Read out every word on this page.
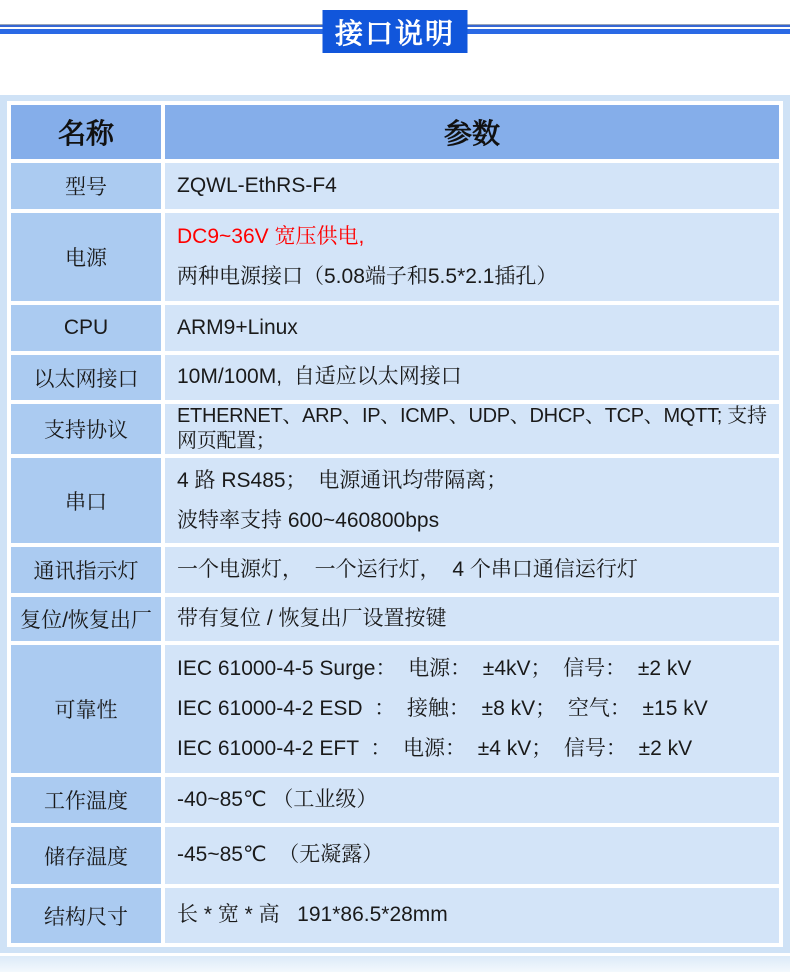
接口说明
名称	参数
型号	ZQWL-EthRS-F4

电源	DC9~36V 宽压供电,
两种电源接口（5.08端子和5.5*2.1插孔）

CPU	ARM9+Linux

以太网接口	10M/100M,  自适应以太网接口

支持协议	ETHERNET、ARP、IP、ICMP、UDP、DHCP、TCP、MQTT; 支持网页配置；

串口	4 路 RS485；  电源通讯均带隔离；
波特率支持 600~460800bps

通讯指示灯	一个电源灯，  一个运行灯，  4 个串口通信运行灯

复位/恢复出厂	带有复位 / 恢复出厂设置按键

可靠性	IEC 61000-4-5 Surge：  电源：  ±4kV；  信号：  ±2 kV
IEC 61000-4-2 ESD  ：  接触：  ±8 kV；  空气：  ±15 kV
IEC 61000-4-2 EFT  ：  电源：  ±4 kV；  信号：  ±2 kV

工作温度	-40~85℃ （工业级）

储存温度	-45~85℃  （无凝露）

结构尺寸	长 * 宽 * 高   191*86.5*28mm
